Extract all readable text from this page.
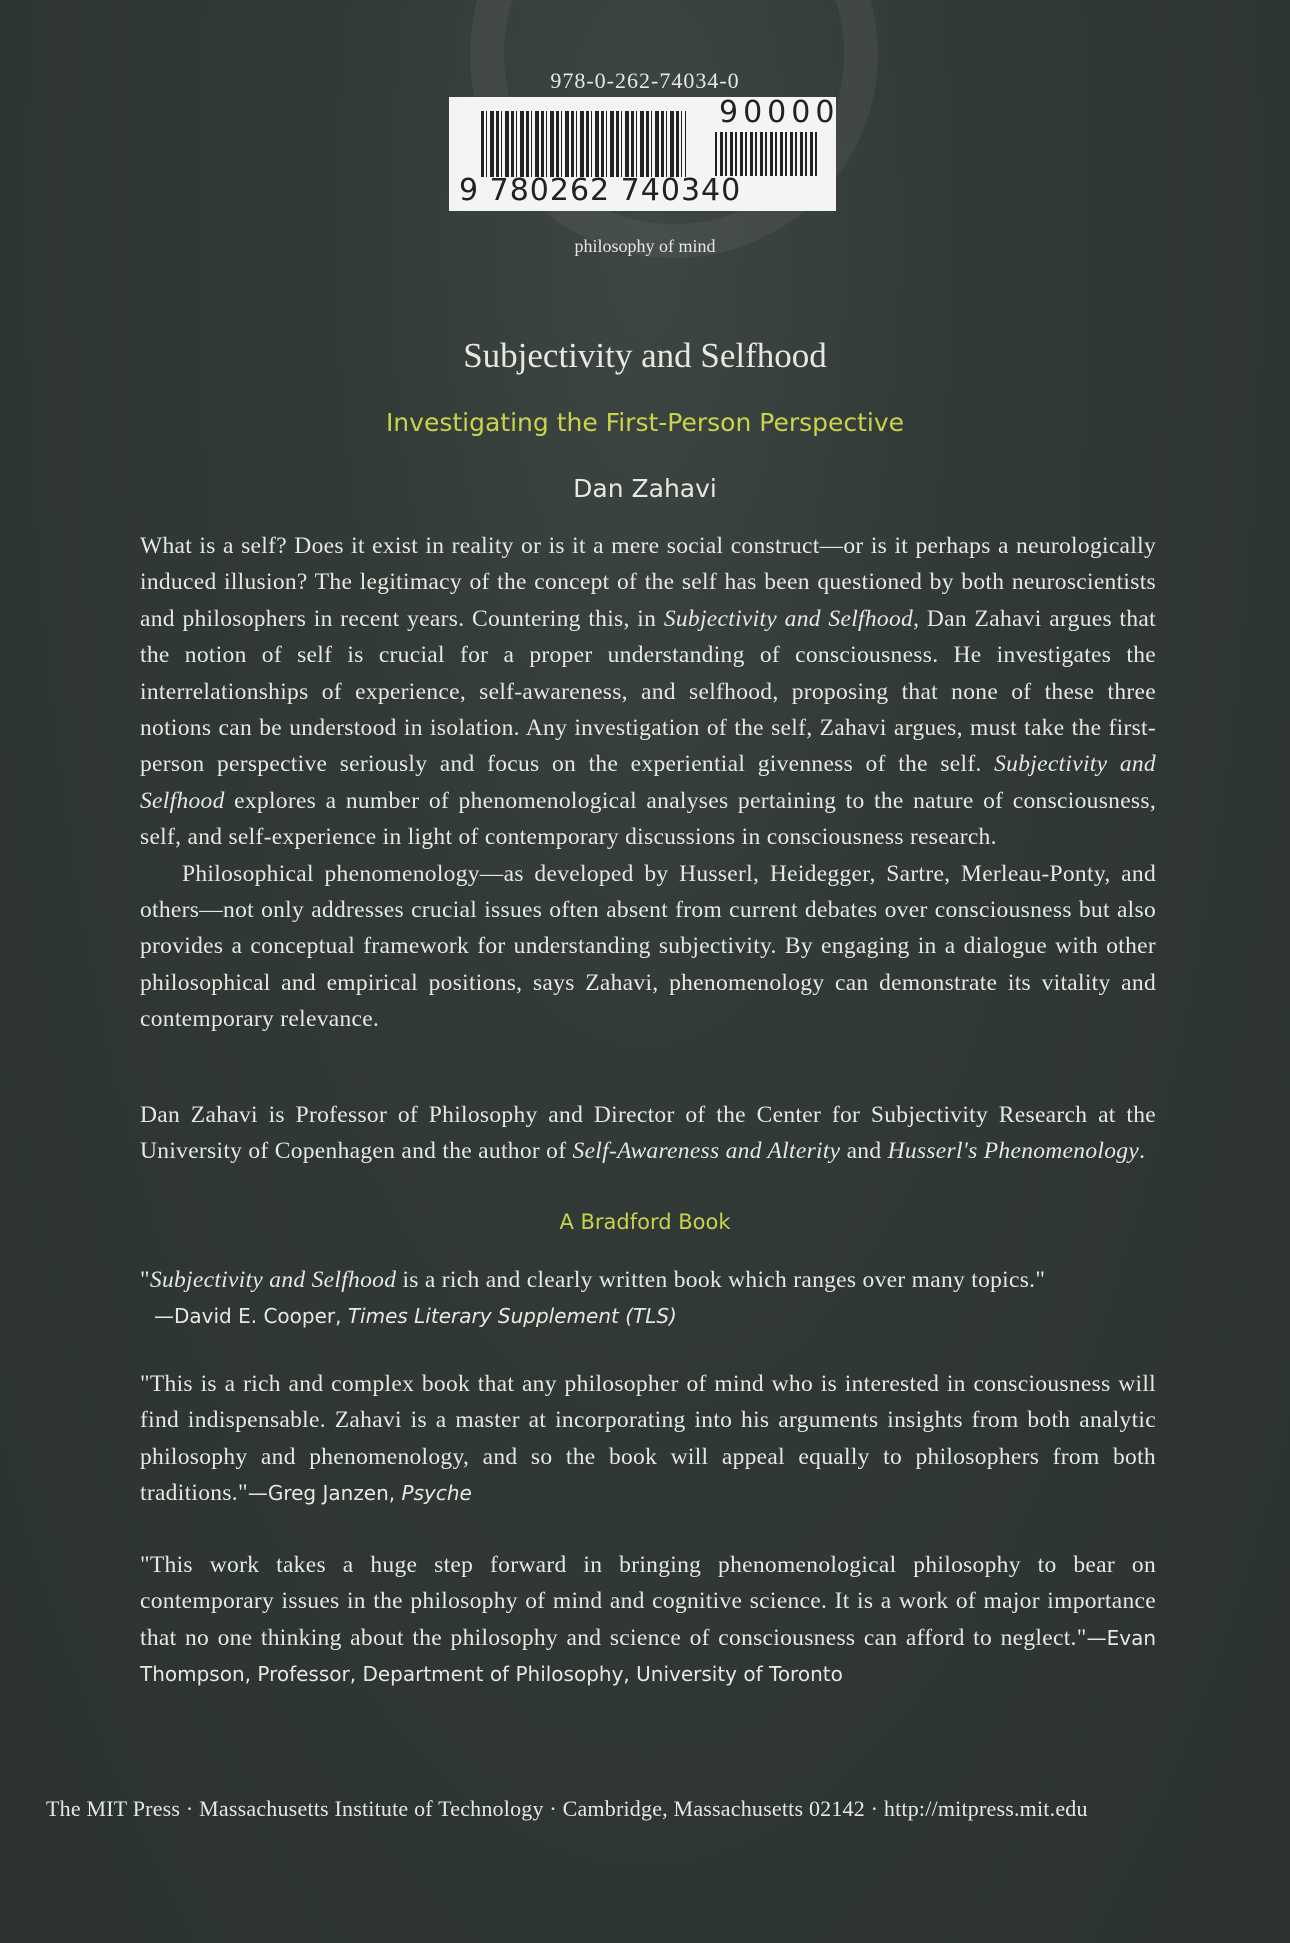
978-0-262-74034-0
9 780262 740340
90000
philosophy of mind
Subjectivity and Selfhood
Investigating the First-Person Perspective
Dan Zahavi

What is a self? Does it exist in reality or is it a mere social construct—or is it perhaps a neurologically induced illusion? The legitimacy of the concept of the self has been questioned by both neuroscientists and philosophers in recent years. Countering this, in Subjectivity and Selfhood, Dan Zahavi argues that the notion of self is crucial for a proper understanding of consciousness. He investigates the interrelationships of experience, self-awareness, and selfhood, proposing that none of these three notions can be understood in isolation. Any investigation of the self, Zahavi argues, must take the first-person perspective seriously and focus on the experiential givenness of the self. Subjectivity and Selfhood explores a number of phenomenological analyses pertaining to the nature of consciousness, self, and self-experience in light of contemporary discussions in consciousness research.

Philosophical phenomenology—as developed by Husserl, Heidegger, Sartre, Merleau-Ponty, and others—not only addresses crucial issues often absent from current debates over consciousness but also provides a conceptual framework for understanding subjectivity. By engaging in a dialogue with other philosophical and empirical positions, says Zahavi, phenomenology can demonstrate its vitality and contemporary relevance.

Dan Zahavi is Professor of Philosophy and Director of the Center for Subjectivity Research at the University of Copenhagen and the author of Self-Awareness and Alterity and Husserl's Phenomenology.

A Bradford Book

"Subjectivity and Selfhood is a rich and clearly written book which ranges over many topics."

—David E. Cooper, Times Literary Supplement (TLS)

"This is a rich and complex book that any philosopher of mind who is interested in consciousness will find indispensable. Zahavi is a master at incorporating into his arguments insights from both analytic philosophy and phenomenology, and so the book will appeal equally to philosophers from both traditions."—Greg Janzen, Psyche

"This work takes a huge step forward in bringing phenomenological philosophy to bear on contemporary issues in the philosophy of mind and cognitive science. It is a work of major importance that no one thinking about the philosophy and science of consciousness can afford to neglect."—Evan Thompson, Professor, Department of Philosophy, University of Toronto

The MIT Press · Massachusetts Institute of Technology · Cambridge, Massachusetts 02142 · http://mitpress.mit.edu
